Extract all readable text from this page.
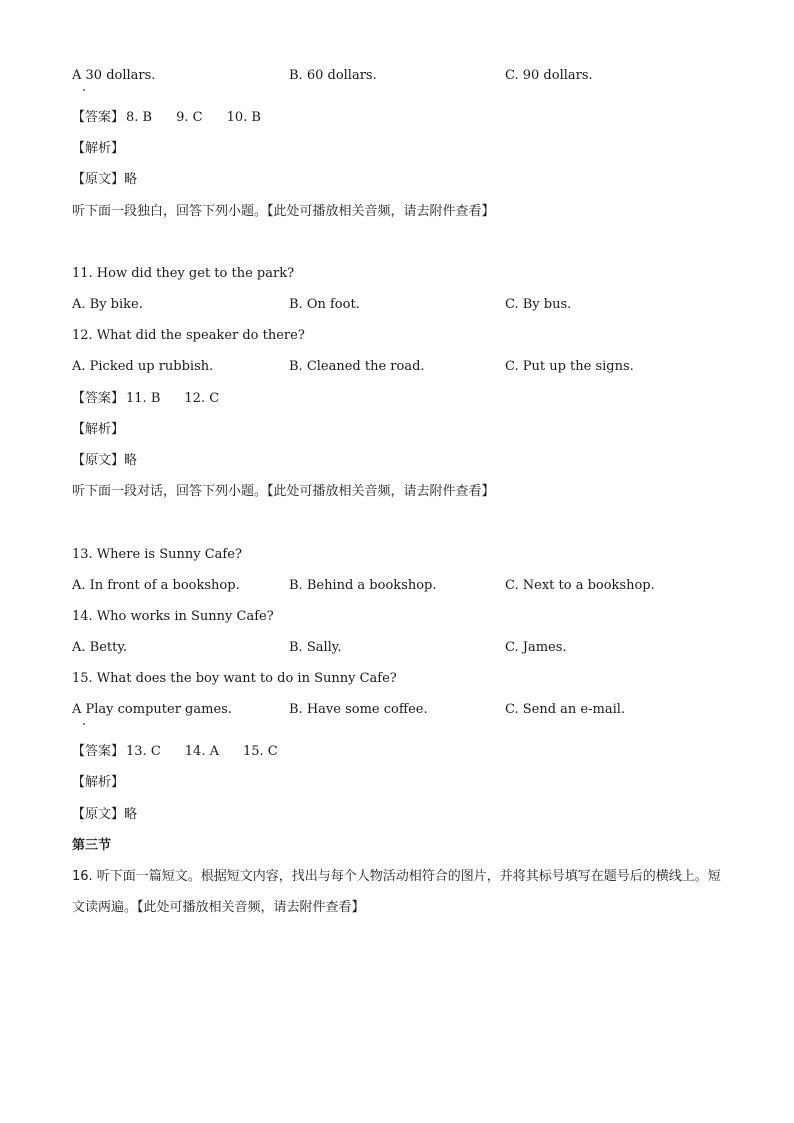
A 30 dollars.	B. 60 dollars.	C. 90 dollars.
【答案】 8. B 9. C 10. B
【解析】
【原文】略
听下面一段独白，回答下列小题。【此处可播放相关音频，请去附件查看】
11. How did they get to the park?
A. By bike.	B. On foot.	C. By bus.
12. What did the speaker do there?
A. Picked up rubbish.	B. Cleaned the road.	C. Put up the signs.
【答案】 11. B 12. C
【解析】
【原文】略
听下面一段对话，回答下列小题。【此处可播放相关音频，请去附件查看】
13. Where is Sunny Cafe?
A. In front of a bookshop.	B. Behind a bookshop.	C. Next to a bookshop.
14. Who works in Sunny Cafe?
A. Betty.	B. Sally.	C. James.
15. What does the boy want to do in Sunny Cafe?
A Play computer games.	B. Have some coffee.	C. Send an e-mail.
【答案】 13. C 14. A 15. C
【解析】
【原文】略
第三节
16. 听下面一篇短文。根据短文内容，找出与每个人物活动相符合的图片，并将其标号填写在题号后的横线上。短文读两遍。【此处可播放相关音频，请去附件查看】
